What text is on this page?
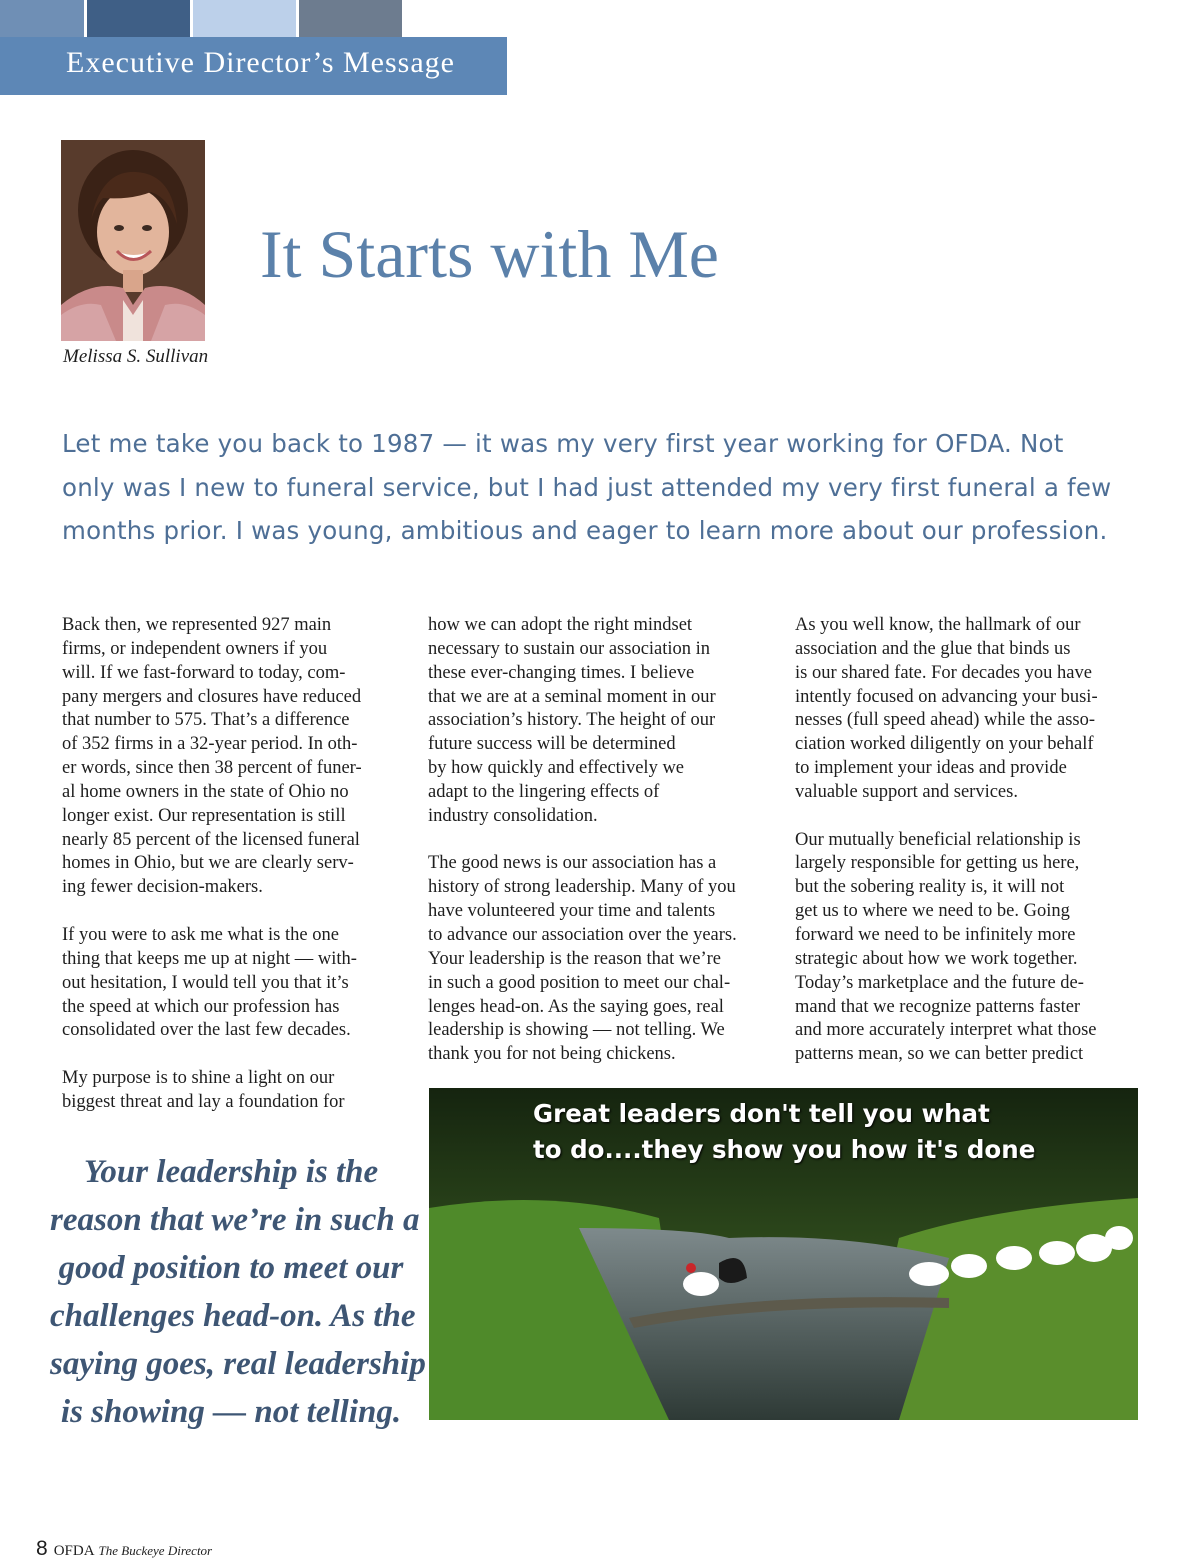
Executive Director’s Message
Melissa S. Sullivan
It Starts with Me
Let me take you back to 1987 — it was my very first year working for OFDA. Not
only was I new to funeral service, but I had just attended my very first funeral a few
months prior. I was young, ambitious and eager to learn more about our profession.
Back then, we represented 927 main
firms, or independent owners if you
will. If we fast-forward to today, com-
pany mergers and closures have reduced
that number to 575. That’s a difference
of 352 firms in a 32-year period. In oth-
er words, since then 38 percent of funer-
al home owners in the state of Ohio no
longer exist. Our representation is still
nearly 85 percent of the licensed funeral
homes in Ohio, but we are clearly serv-
ing fewer decision-makers.
If you were to ask me what is the one
thing that keeps me up at night — with-
out hesitation, I would tell you that it’s
the speed at which our profession has
consolidated over the last few decades.
My purpose is to shine a light on our
biggest threat and lay a foundation for
how we can adopt the right mindset
necessary to sustain our association in
these ever-changing times. I believe
that we are at a seminal moment in our
association’s history. The height of our
future success will be determined
by how quickly and effectively we
adapt to the lingering effects of
industry consolidation.
The good news is our association has a
history of strong leadership. Many of you
have volunteered your time and talents
to advance our association over the years.
Your leadership is the reason that we’re
in such a good position to meet our chal-
lenges head-on. As the saying goes, real
leadership is showing — not telling. We
thank you for not being chickens.
As you well know, the hallmark of our
association and the glue that binds us
is our shared fate. For decades you have
intently focused on advancing your busi-
nesses (full speed ahead) while the asso-
ciation worked diligently on your behalf
to implement your ideas and provide
valuable support and services.
Our mutually beneficial relationship is
largely responsible for getting us here,
but the sobering reality is, it will not
get us to where we need to be. Going
forward we need to be infinitely more
strategic about how we work together.
Today’s marketplace and the future de-
mand that we recognize patterns faster
and more accurately interpret what those
patterns mean, so we can better predict
Your leadership is the
reason that we’re in such a
good position to meet our
challenges head-on. As the
saying goes, real leadership
is showing — not telling.
Great leaders don't tell you what
to do....they show you how it's done
8 OFDA The Buckeye Director
